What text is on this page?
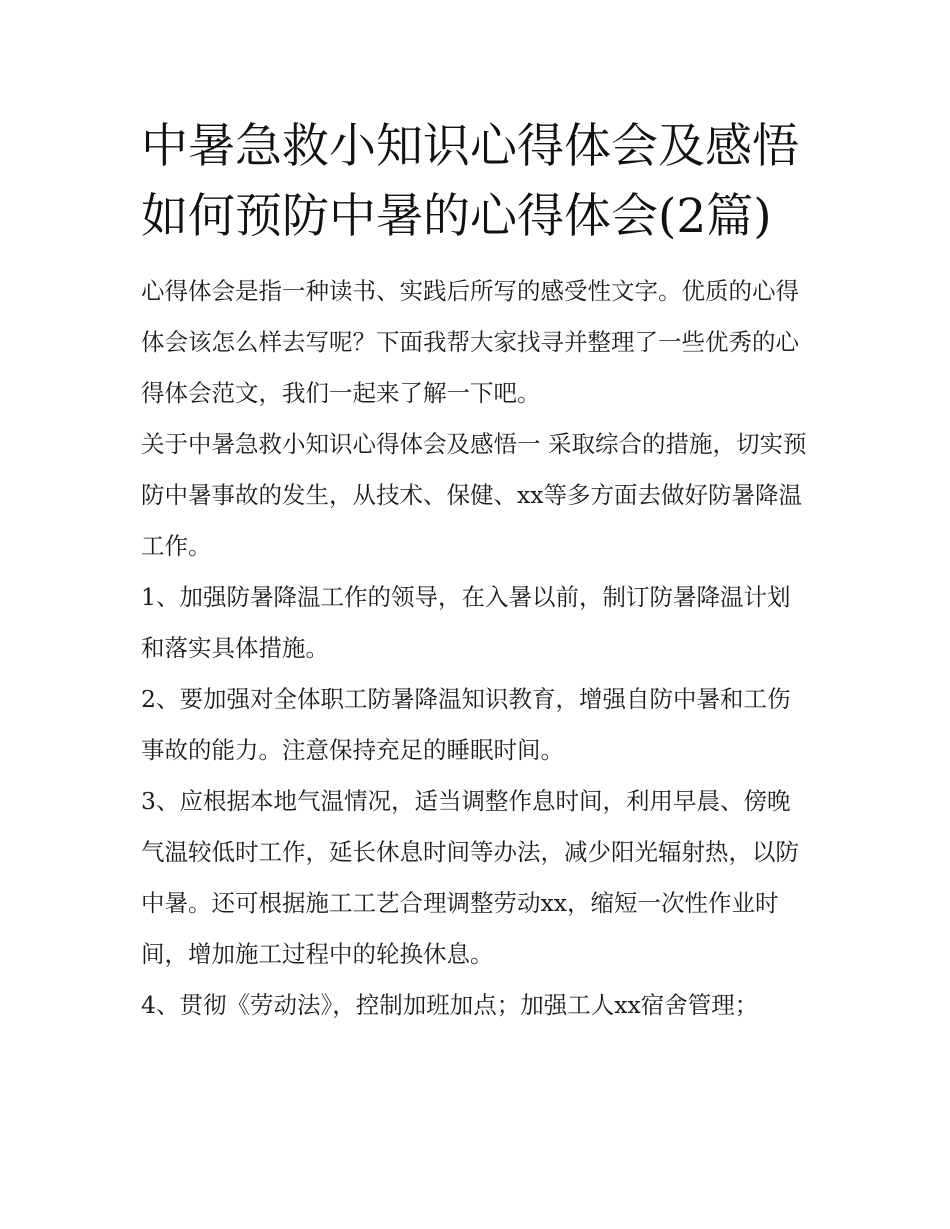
中暑急救小知识心得体会及感悟 如何预防中暑的心得体会(2篇)

心得体会是指一种读书、实践后所写的感受性文字。优质的心得体会该怎么样去写呢？下面我帮大家找寻并整理了一些优秀的心得体会范文，我们一起来了解一下吧。

关于中暑急救小知识心得体会及感悟一 采取综合的措施，切实预防中暑事故的发生，从技术、保健、xx等多方面去做好防暑降温工作。

1、加强防暑降温工作的领导，在入暑以前，制订防暑降温计划和落实具体措施。

2、要加强对全体职工防暑降温知识教育，增强自防中暑和工伤事故的能力。注意保持充足的睡眠时间。

3、应根据本地气温情况，适当调整作息时间，利用早晨、傍晚气温较低时工作，延长休息时间等办法，减少阳光辐射热，以防中暑。还可根据施工工艺合理调整劳动xx，缩短一次性作业时间，增加施工过程中的轮换休息。

4、贯彻《劳动法》，控制加班加点；加强工人xx宿舍管理；
